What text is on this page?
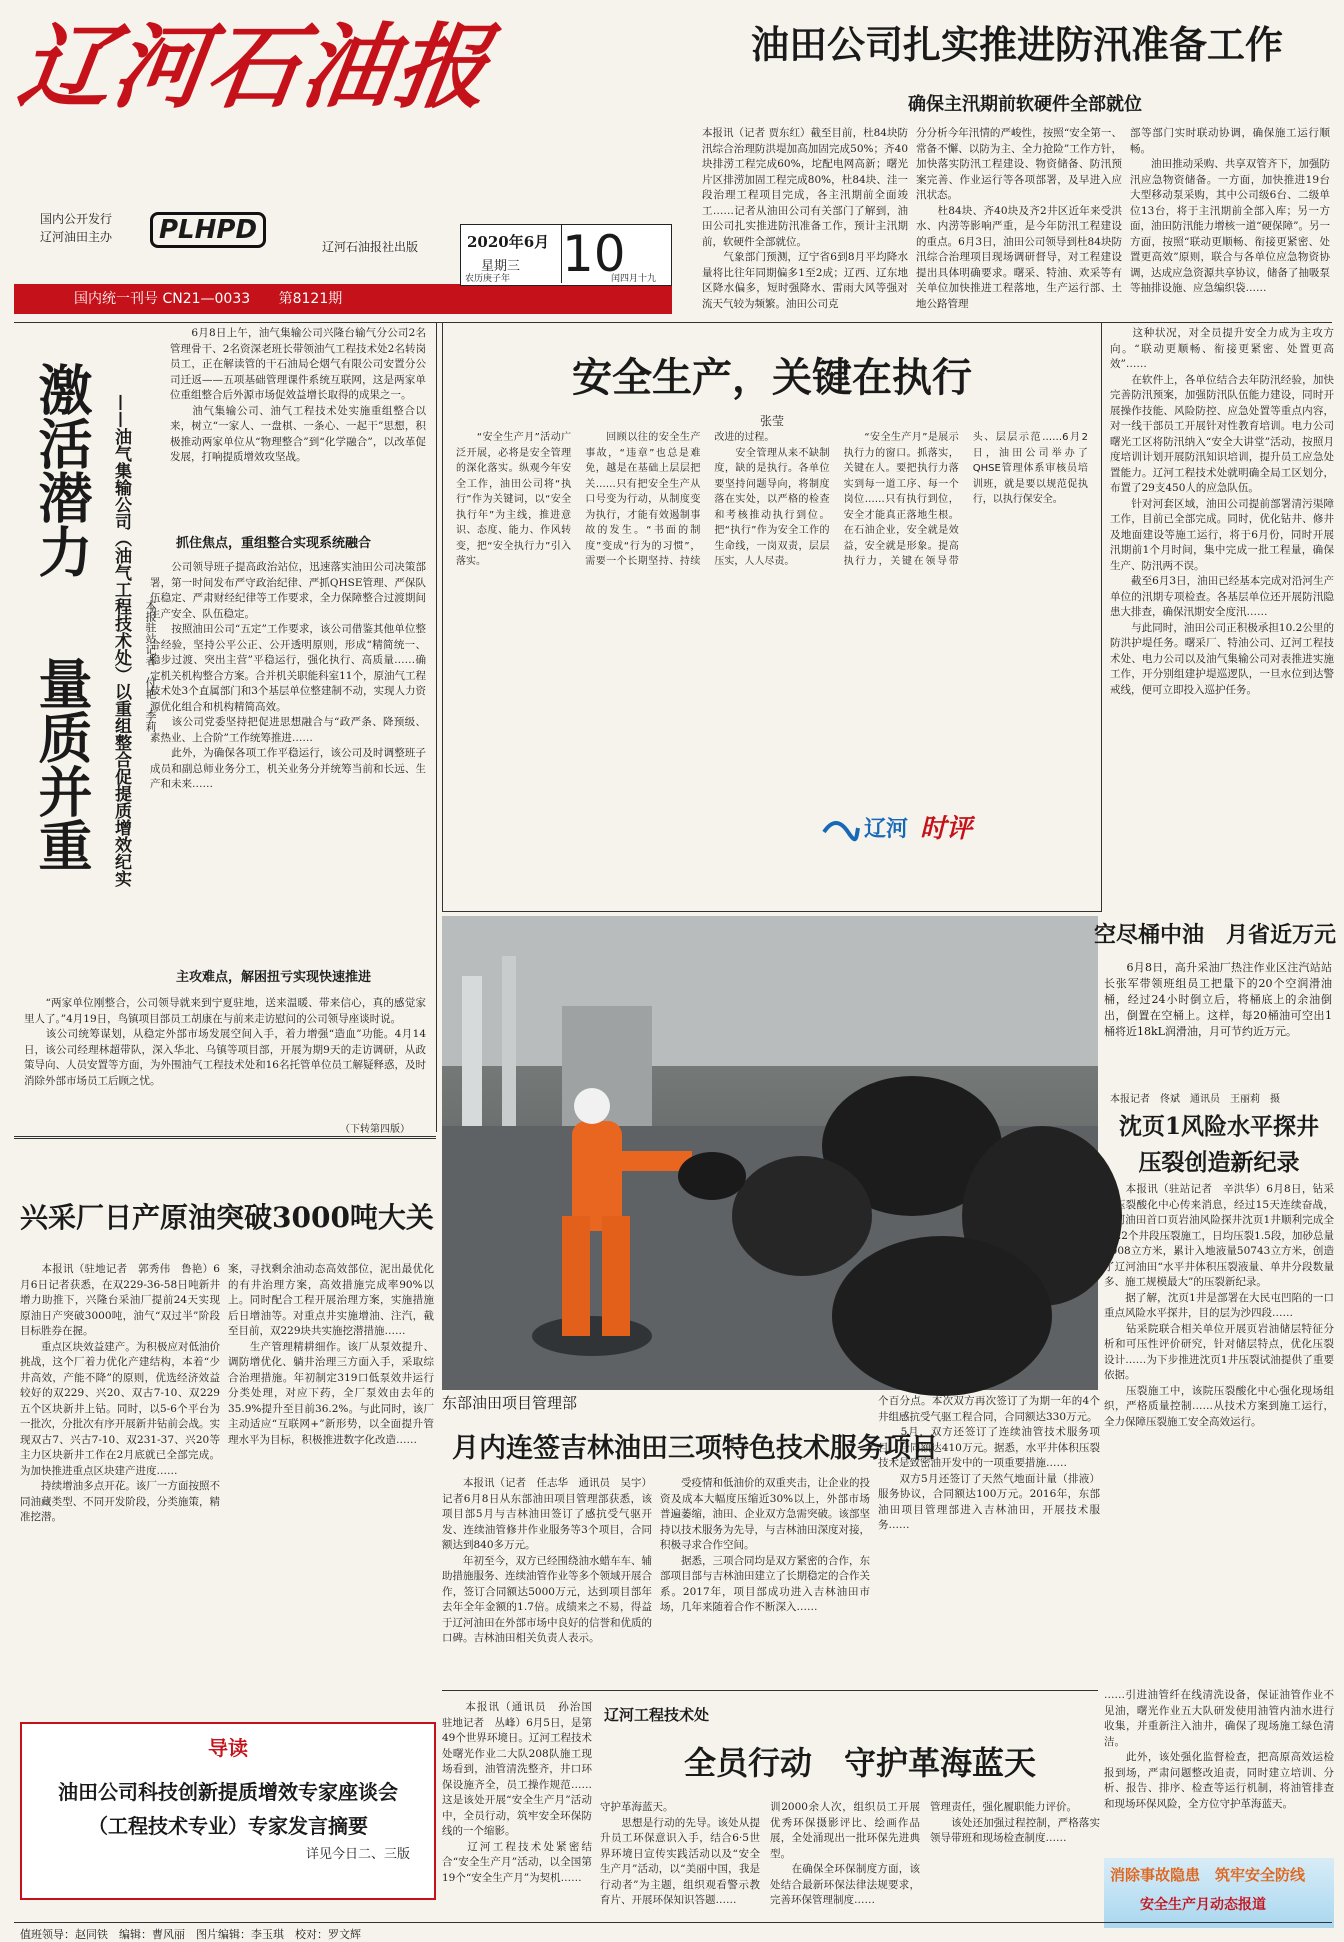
辽河石油报
国内公开发行
辽河油田主办	PLHPD
辽河石油报社出版
国内统一刊号 CN21—0033 第8121期
2020年6月
星期三 10
农历庚子年	闰四月十九
油田公司扎实推进防汛准备工作
确保主汛期前软硬件全部就位
本报讯（记者 贾东红）截至目前，杜84块防汛综合治理防洪堤加高加固完成50%；齐40块排涝工程完成60%，坨配电网高新；曙光片区排涝加固工程完成80%，杜84块、洼一段治理工程项目完成，各主汛期前全面竣工……记者从油田公司有关部门了解到，油田公司扎实推进防汛准备工作，预计主汛期前，软硬件全部就位。
　　气象部门预测，辽宁省6到8月平均降水量将比往年同期偏多1至2成；辽西、辽东地区降水偏多，短时强降水、雷雨大风等强对流天气较为频繁。油田公司克
分分析今年汛情的严峻性，按照“安全第一、常备不懈、以防为主、全力抢险”工作方针，加快落实防汛工程建设、物资储备、防汛预案完善、作业运行等各项部署，及早进入应汛状态。
　　杜84块、齐40块及齐2井区近年来受洪水、内涝等影响严重，是今年防汛工程建设的重点。6月3日，油田公司领导到杜84块防汛综合治理项目现场调研督导，对工程建设提出具体明确要求。曙采、特油、欢采等有关单位加快推进工程落地，生产运行部、土地公路管理
部等部门实时联动协调，确保施工运行顺畅。
　　油田推动采购、共享双管齐下，加强防汛应急物资储备。一方面，加快推进19台大型移动泵采购，其中公司级6台、二级单位13台，将于主汛期前全部入库；另一方面，油田防汛能力增核一道“硬保障”。另一方面，按照“联动更顺畅、衔接更紧密、处置更高效”原则，联合与各单位应急物资协调，达成应急资源共享协议，储备了抽吸泵等抽排设施、应急编织袋……
激活潜力
量质并重	——油气集输公司（油气工程技术处）以重组整合促提质增效纪实	本报驻站记者　付艳　李莉
　　6月8日上午，油气集输公司兴隆台输气分公司2名管理骨干、2名资深老班长带领油气工程技术处2名转岗员工，正在解读管的干石油局仑烟气有限公司安置分公司迁返——五项基础管理课件系统互联网，这是两家单位重组整合后外源市场促效益增长取得的成果之一。
　　油气集输公司、油气工程技术处实施重组整合以来，树立“一家人、一盘棋、一条心、一起干”思想，积极推动两家单位从“物理整合”到“化学融合”，以改革促发展，打响提质增效攻坚战。
抓住焦点，重组整合实现系统融合
　　公司领导班子提高政治站位，迅速落实油田公司决策部署，第一时间发布严守政治纪律、严抓QHSE管理、严保队伍稳定、严肃财经纪律等工作要求，全力保障整合过渡期间生产安全、队伍稳定。
　　按照油田公司“五定”工作要求，该公司借鉴其他单位整合经验，坚持公平公正、公开透明原则，形成“精简统一、稳步过渡、突出主营”平稳运行，强化执行、高质量……确定机关机构整合方案。合并机关职能科室11个，原油气工程技术处3个直属部门和3个基层单位整建制不动，实现人力资源优化组合和机构精简高效。
　　该公司党委坚持把促进思想融合与“政严条、降预级、素热业、上合阶”工作统筹推进……
　　此外，为确保各项工作平稳运行，该公司及时调整班子成员和副总师业务分工，机关业务分并统筹当前和长远、生产和未来……
主攻难点，解困扭亏实现快速推进
　　“两家单位刚整合，公司领导就来到宁夏驻地，送来温暖、带来信心，真的感觉家里人了。”4月19日，鸟镇项目部员工胡康在与前来走访慰问的公司领导座谈时说。
　　该公司统筹谋划，从稳定外部市场发展空间入手，着力增强“造血”功能。4月14日，该公司经理林超带队，深入华北、乌镇等项目部，开展为期9天的走访调研，从政策导向、人员安置等方面，为外围油气工程技术处和16名托管单位员工解疑释惑，及时消除外部市场员工后顾之忧。
（下转第四版）
安全生产，关键在执行
张莹
　　“安全生产月”活动广泛开展，必将是安全管理的深化落实。纵观今年安全工作，油田公司将“执行”作为关键词，以“安全执行年”为主线，推进意识、态度、能力、作风转变，把“安全执行力”引入落实。
　　回顾以往的安全生产事故，“违章”也总是难免，越是在基础上层层把关……只有把安全生产从口号变为行动，从制度变为执行，才能有效遏制事故的发生。“书面的制度”变成“行为的习惯”，需要一个长期坚持、持续改进的过程。
　　安全管理从来不缺制度，缺的是执行。各单位要坚持问题导向，将制度落在实处，以严格的检查和考核推动执行到位。把“执行”作为安全工作的生命线，一岗双责，层层压实，人人尽责。
　　“安全生产月”是展示执行力的窗口。抓落实，关键在人。要把执行力落实到每一道工序、每一个岗位……只有执行到位，安全才能真正落地生根。在石油企业，安全就是效益，安全就是形象。提高执行力，关键在领导带头、层层示范……6月2日，油田公司举办了QHSE管理体系审核员培训班，就是要以规范促执行，以执行保安全。
辽河 时评
　　这种状况，对全员提升安全力成为主攻方向。“联动更顺畅、衔接更紧密、处置更高效”……
　　在软件上，各单位结合去年防汛经验，加快完善防汛预案，加强防汛队伍能力建设，同时开展操作技能、风险防控、应急处置等重点内容，对一线干部员工开展针对性教育培训。电力公司曙光工区将防汛纳入“安全大讲堂”活动，按照月度培训计划开展防汛知识培训，提升员工应急处置能力。辽河工程技术处就明确全局工区划分，布置了29支450人的应急队伍。
　　针对河套区域，油田公司提前部署清污渠障工作，目前已全部完成。同时，优化钻井、修井及地面建设等施工运行，将于6月份，同时开展汛期前1个月时间，集中完成一批工程量，确保生产、防汛两不误。
　　截至6月3日，油田已经基本完成对沿河生产单位的汛期专项检查。各基层单位还开展防汛隐患大排查，确保汛期安全度汛……
　　与此同时，油田公司正积极承担10.2公里的防洪护堤任务。曙采厂、特油公司、辽河工程技术处、电力公司以及油气集输公司对表推进实施工作，开分别组建护堤巡逻队，一旦水位到达警戒线，便可立即投入巡护任务。
空尽桶中油　月省近万元
　　6月8日，高升采油厂热注作业区注汽站站长张军带领班组员工把量下的20个空润滑油桶，经过24小时倒立后，将桶底上的余油倒出，倒置在空桶上。这样，每20桶油可空出1桶将近18kL润滑油，月可节约近万元。
本报记者　佟斌　通讯员　王丽莉　摄
沈页1风险水平探井
压裂创造新纪录
　　本报讯（驻站记者　辛洪华）6月8日，钻采院压裂酸化中心传来消息，经过15天连续奋战，辽河油田首口页岩油风险探井沈页1井顺利完成全部22个井段压裂施工，日均压裂1.5段，加砂总量2008立方米，累计入地液量50743立方米，创造了辽河油田“水平井体积压裂液量、单井分段数量多、施工规模最大”的压裂新纪录。
　　据了解，沈页1井是部署在大民屯凹陷的一口重点风险水平探井，目的层为沙四段……
　　钻采院联合相关单位开展页岩油储层特征分析和可压性评价研究，针对储层特点，优化压裂设计……为下步推进沈页1井压裂试油提供了重要依据。
　　压裂施工中，该院压裂酸化中心强化现场组织，严格质量控制……从技术方案到施工运行，全力保障压裂施工安全高效运行。
兴采厂日产原油突破3000吨大关
　　本报讯（驻地记者　郭秀伟　鲁艳）6月6日记者获悉，在双229-36-58日吨新井增力助推下，兴隆台采油厂提前24天实现原油日产突破3000吨，油气“双过半”阶段目标胜券在握。
　　重点区块效益建产。为积极应对低油价挑战，这个厂着力优化产建结构，本着“少井高效，产能不降”的原则，优选经济效益较好的双229、兴20、双古7-10、双229五个区块新井上钻。同时，以5-6个平台为一批次，分批次有序开展新井钻前会战。实现双古7、兴古7-10、双231-37、兴20等主力区块新井工作在2月底就已全部完成。为加快推进重点区块建产进度……
　　持续增油多点开花。该厂一方面按照不同油藏类型、不同开发阶段，分类施策，精准挖潜。
案，寻找剩余油动态高效部位，泥出最优化的有井治理方案，高效措施完成率90%以上。同时配合工程开展治理方案，实施措施后日增油等。对重点井实施增油、注汽，截至目前，双229块共实施挖潜措施……
　　生产管理精耕细作。该厂从泵效提升、调防增优化、躺井治理三方面入手，采取综合治理措施。年初制定319口低泵效井运行分类处理，对应下药，全厂泵效由去年的35.9%提升至目前36.2%。与此同时，该厂主动适应“互联网+”新形势，以全面提升管理水平为目标，积极推进数字化改造……
东部油田项目管理部
月内连签吉林油田三项特色技术服务项目
　　本报讯（记者　任志华　通讯员　吴宇）记者6月8日从东部油田项目管理部获悉，该项目部5月与吉林油田签订了感抗受气驱开发、连续油管修井作业服务等3个项目，合同额达到840多万元。
　　年初至今，双方已经围绕油水蜡车车、辅助措施服务、连续油管作业等多个领域开展合作，签订合同额达5000万元，达到项目部年去年全年金额的1.7倍。成绩来之不易，得益于辽河油田在外部市场中良好的信誉和优质的口碑。吉林油田相关负责人表示。
　　受疫情和低油价的双重夹击，让企业的投资及成本大幅度压缩近30%以上，外部市场普遍萎缩，油田、企业双方急需突破。该部坚持以技术服务为先导，与吉林油田深度对接，积极寻求合作空间。
　　据悉，三项合同均是双方紧密的合作，东部项目部与吉林油田建立了长期稳定的合作关系。2017年，项目部成功进入吉林油田市场，几年来随着合作不断深入……
个百分点。本次双方再次签订了为期一年的4个井组感抗受气驱工程合同，合同额达330万元。
　　5月，双方还签订了连续油管技术服务项目，合同额达410万元。据悉，水平井体积压裂技术是致密油开发中的一项重要措施……
　　双方5月还签订了天然气地面计量（排液）服务协议，合同额达100万元。2016年，东部油田项目管理部进入吉林油田，开展技术服务……
导读
油田公司科技创新提质增效专家座谈会（工程技术专业）专家发言摘要
详见今日二、三版
辽河工程技术处
全员行动　守护革海蓝天
　　本报讯（通讯员　孙治国　驻地记者　丛峰）6月5日，是第49个世界环境日。辽河工程技术处曙光作业二大队208队施工现场看到，油管清洗整齐，井口环保设施齐全，员工操作规范……这是该处开展“安全生产月”活动中，全员行动，筑牢安全环保防线的一个缩影。
　　辽河工程技术处紧密结合“安全生产月”活动，以全国第19个“安全生产月”为契机……
守护革海蓝天。
　　思想是行动的先导。该处从提升员工环保意识入手，结合6·5世界环境日宣传实践活动以及“安全生产月”活动，以“美丽中国，我是行动者”为主题，组织观看警示教育片、开展环保知识答题……
训2000余人次，组织员工开展优秀环保摄影评比、绘画作品展，全处涌现出一批环保先进典型。
　　在确保全环保制度方面，该处结合最新环保法律法规要求，完善环保管理制度……
管理责任，强化履职能力评价。
　　该处还加强过程控制，严格落实领导带班和现场检查制度……
……引进油管纤在线清洗设备，保证油管作业不见油，曙光作业五大队研发使用油管内油水进行收集，并重新注入油井，确保了现场施工绿色清洁。
　　此外，该处强化监督检查，把高原高效运检报到场，严肃问题整改追责，同时建立培训、分析、报告、排序、检查等运行机制，将油管排查和现场环保风险，全方位守护革海蓝天。
消除事故隐患　筑牢安全防线
安全生产月动态报道
值班领导：赵同铁　编辑：曹风丽　图片编辑：李玉琪　校对：罗文辉
